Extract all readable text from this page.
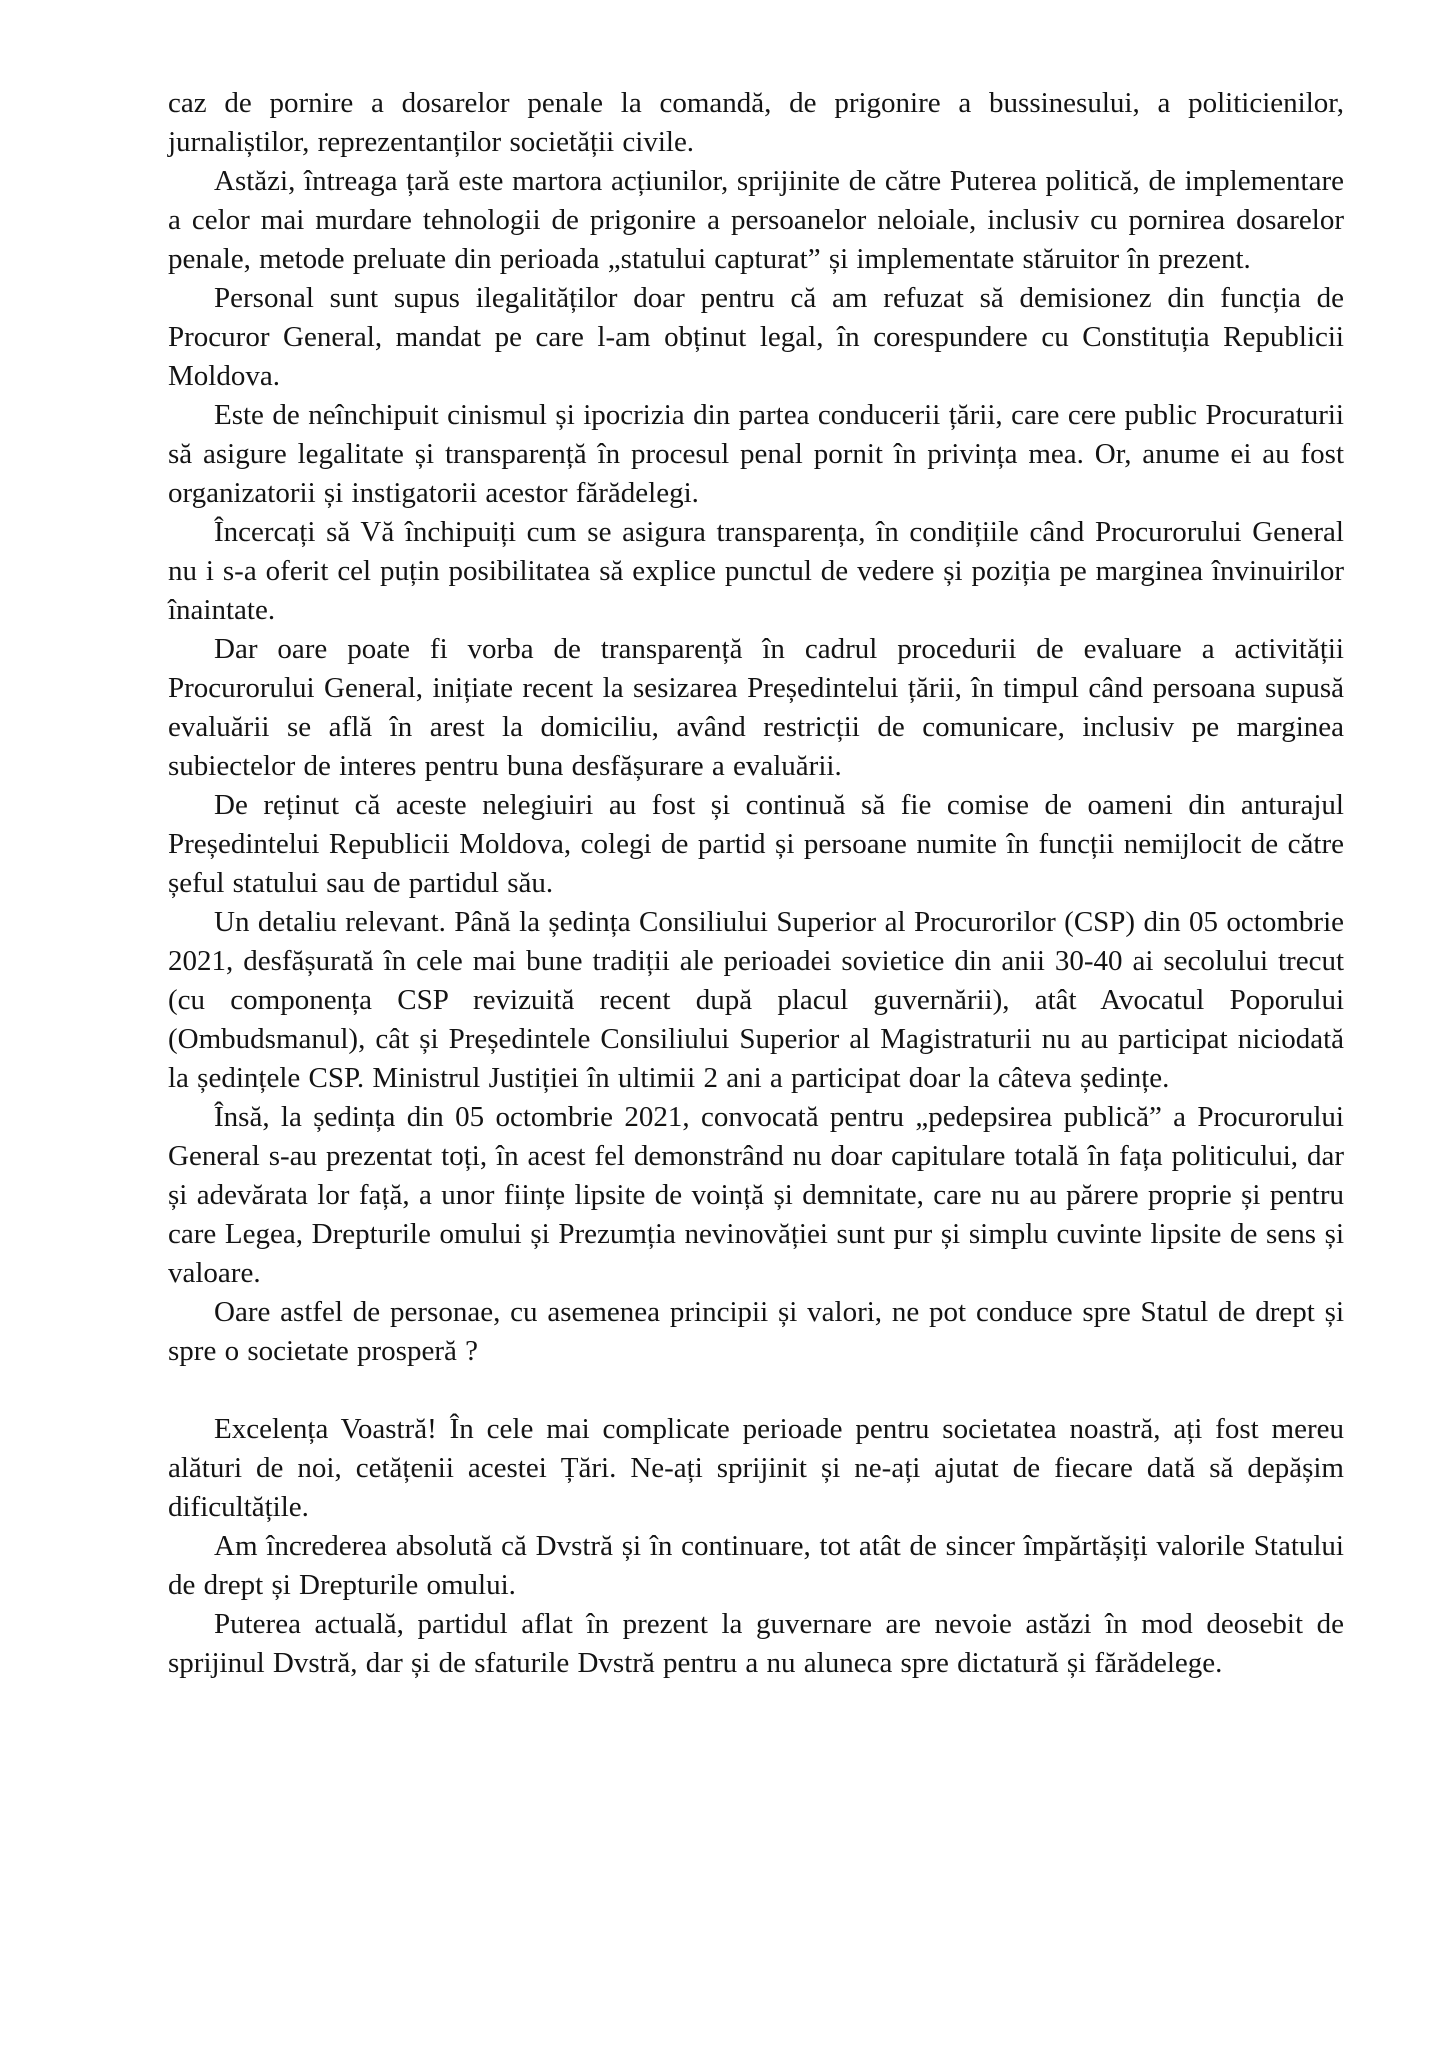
caz de pornire a dosarelor penale la comandă, de prigonire a bussinesului, a politicienilor, jurnaliștilor, reprezentanților societății civile.

Astăzi, întreaga țară este martora acțiunilor, sprijinite de către Puterea politică, de implementare a celor mai murdare tehnologii de prigonire a persoanelor neloiale, inclusiv cu pornirea dosarelor penale, metode preluate din perioada „statului capturat” și implementate stăruitor în prezent.

Personal sunt supus ilegalităților doar pentru că am refuzat să demisionez din funcția de Procuror General, mandat pe care l-am obținut legal, în corespundere cu Constituția Republicii Moldova.

Este de neînchipuit cinismul și ipocrizia din partea conducerii țării, care cere public Procuraturii să asigure legalitate și transparență în procesul penal pornit în privința mea. Or, anume ei au fost organizatorii și instigatorii acestor fărădelegi.

Încercați să Vă închipuiți cum se asigura transparența, în condițiile când Procurorului General nu i s-a oferit cel puțin posibilitatea să explice punctul de vedere și poziția pe marginea învinuirilor înaintate.

Dar oare poate fi vorba de transparență în cadrul procedurii de evaluare a activității Procurorului General, inițiate recent la sesizarea Președintelui țării, în timpul când persoana supusă evaluării se află în arest la domiciliu, având restricții de comunicare, inclusiv pe marginea subiectelor de interes pentru buna desfășurare a evaluării.

De reținut că aceste nelegiuiri au fost și continuă să fie comise de oameni din anturajul Președintelui Republicii Moldova, colegi de partid și persoane numite în funcții nemijlocit de către șeful statului sau de partidul său.

Un detaliu relevant. Până la ședința Consiliului Superior al Procurorilor (CSP) din 05 octombrie 2021, desfășurată în cele mai bune tradiții ale perioadei sovietice din anii 30-40 ai secolului trecut (cu componența CSP revizuită recent după placul guvernării), atât Avocatul Poporului (Ombudsmanul), cât și Președintele Consiliului Superior al Magistraturii nu au participat niciodată la ședințele CSP. Ministrul Justiției în ultimii 2 ani a participat doar la câteva ședințe.

Însă, la ședința din 05 octombrie 2021, convocată pentru „pedepsirea publică” a Procurorului General s-au prezentat toți, în acest fel demonstrând nu doar capitulare totală în fața politicului, dar și adevărata lor față, a unor ființe lipsite de voință și demnitate, care nu au părere proprie și pentru care Legea, Drepturile omului și Prezumția nevinovăției sunt pur și simplu cuvinte lipsite de sens și valoare.

Oare astfel de personae, cu asemenea principii și valori, ne pot conduce spre Statul de drept și spre o societate prosperă ?

Excelența Voastră! În cele mai complicate perioade pentru societatea noastră, ați fost mereu alături de noi, cetățenii acestei Țări. Ne-ați sprijinit și ne-ați ajutat de fiecare dată să depășim dificultățile.

Am încrederea absolută că Dvstră și în continuare, tot atât de sincer împărtășiți valorile Statului de drept și Drepturile omului.

Puterea actuală, partidul aflat în prezent la guvernare are nevoie astăzi în mod deosebit de sprijinul Dvstră, dar și de sfaturile Dvstră pentru a nu aluneca spre dictatură și fărădelege.
